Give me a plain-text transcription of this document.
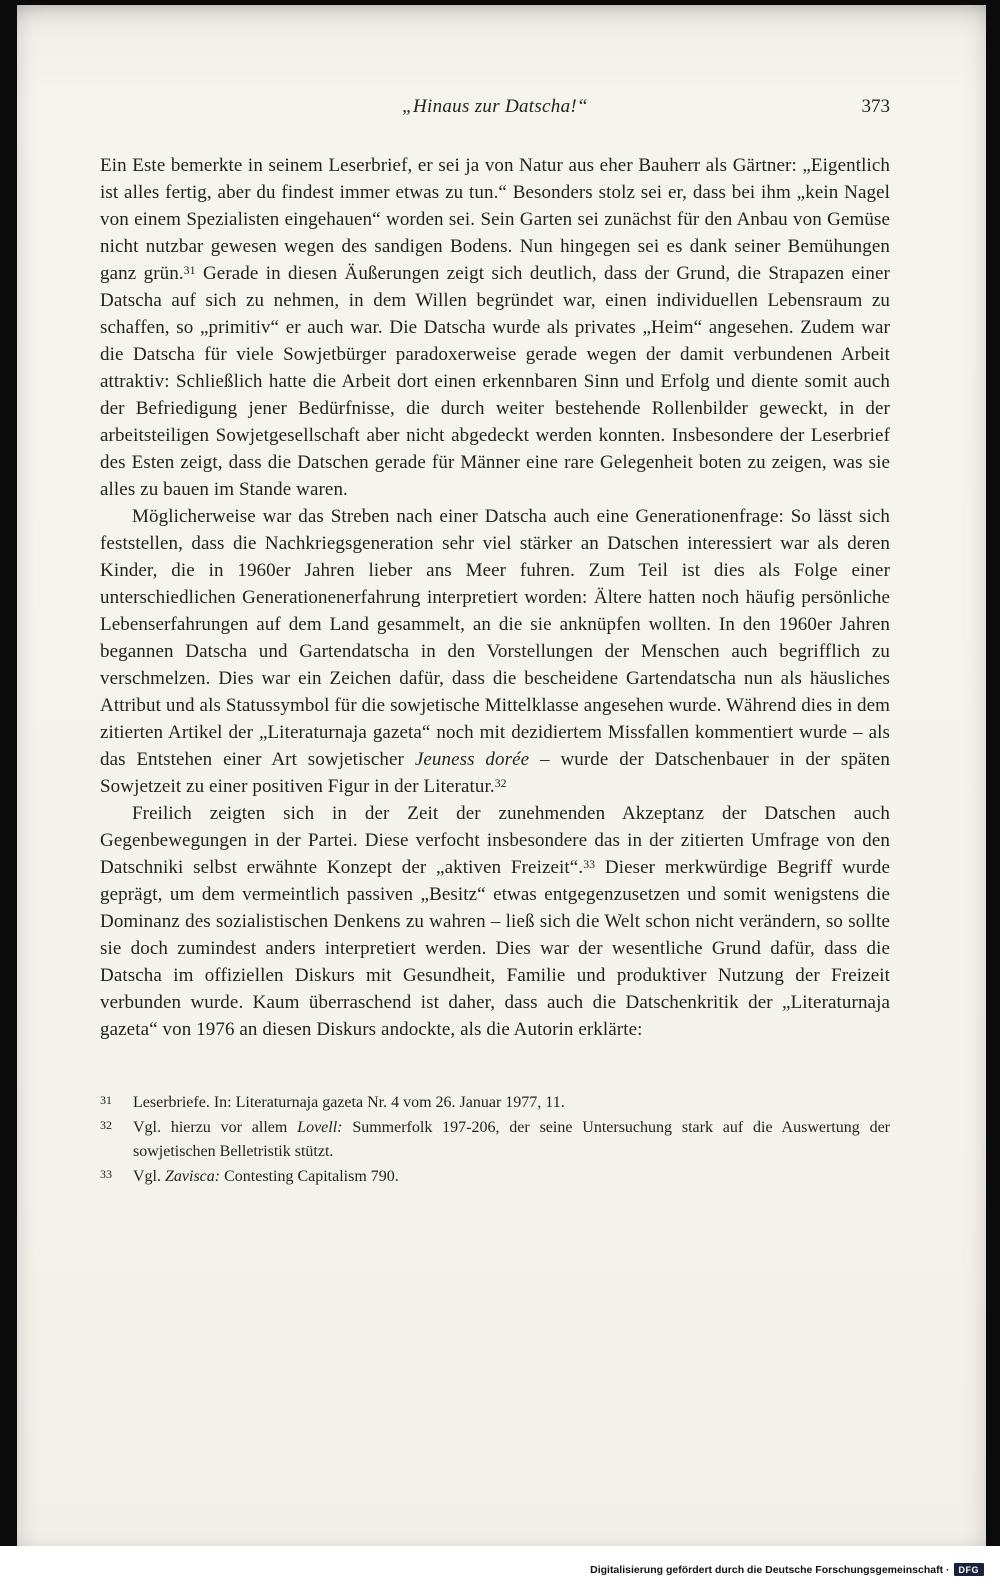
„Hinaus zur Datscha!“	373

Ein Este bemerkte in seinem Leserbrief, er sei ja von Natur aus eher Bauherr als Gärtner: „Eigentlich ist alles fertig, aber du findest immer etwas zu tun.“ Besonders stolz sei er, dass bei ihm „kein Nagel von einem Spezialisten eingehauen“ worden sei. Sein Garten sei zunächst für den Anbau von Gemüse nicht nutzbar gewesen wegen des sandigen Bodens. Nun hingegen sei es dank seiner Bemühungen ganz grün.$^{31}$ Gerade in diesen Äußerungen zeigt sich deutlich, dass der Grund, die Strapazen einer Datscha auf sich zu nehmen, in dem Willen begründet war, einen individuellen Lebensraum zu schaffen, so „primitiv“ er auch war. Die Datscha wurde als privates „Heim“ angesehen. Zudem war die Datscha für viele Sowjetbürger paradoxerweise gerade wegen der damit verbundenen Arbeit attraktiv: Schließlich hatte die Arbeit dort einen erkennbaren Sinn und Erfolg und diente somit auch der Befriedigung jener Bedürfnisse, die durch weiter bestehende Rollenbilder geweckt, in der arbeitsteiligen Sowjetgesellschaft aber nicht abgedeckt werden konnten. Insbesondere der Leserbrief des Esten zeigt, dass die Datschen gerade für Männer eine rare Gelegenheit boten zu zeigen, was sie alles zu bauen im Stande waren.

Möglicherweise war das Streben nach einer Datscha auch eine Generationenfrage: So lässt sich feststellen, dass die Nachkriegsgeneration sehr viel stärker an Datschen interessiert war als deren Kinder, die in 1960er Jahren lieber ans Meer fuhren. Zum Teil ist dies als Folge einer unterschiedlichen Generationenerfahrung interpretiert worden: Ältere hatten noch häufig persönliche Lebenserfahrungen auf dem Land gesammelt, an die sie anknüpfen wollten. In den 1960er Jahren begannen Datscha und Gartendatscha in den Vorstellungen der Menschen auch begrifflich zu verschmelzen. Dies war ein Zeichen dafür, dass die bescheidene Gartendatscha nun als häusliches Attribut und als Statussymbol für die sowjetische Mittelklasse angesehen wurde. Während dies in dem zitierten Artikel der „Literaturnaja gazeta“ noch mit dezidiertem Missfallen kommentiert wurde – als das Entstehen einer Art sowjetischer Jeuness dorée – wurde der Datschenbauer in der späten Sowjetzeit zu einer positiven Figur in der Literatur.$^{32}$

Freilich zeigten sich in der Zeit der zunehmenden Akzeptanz der Datschen auch Gegenbewegungen in der Partei. Diese verfocht insbesondere das in der zitierten Umfrage von den Datschniki selbst erwähnte Konzept der „aktiven Freizeit“.$^{33}$ Dieser merkwürdige Begriff wurde geprägt, um dem vermeintlich passiven „Besitz“ etwas entgegenzusetzen und somit wenigstens die Dominanz des sozialistischen Denkens zu wahren – ließ sich die Welt schon nicht verändern, so sollte sie doch zumindest anders interpretiert werden. Dies war der wesentliche Grund dafür, dass die Datscha im offiziellen Diskurs mit Gesundheit, Familie und produktiver Nutzung der Freizeit verbunden wurde. Kaum überraschend ist daher, dass auch die Datschenkritik der „Literaturnaja gazeta“ von 1976 an diesen Diskurs andockte, als die Autorin erklärte:

31 Leserbriefe. In: Literaturnaja gazeta Nr. 4 vom 26. Januar 1977, 11.
32 Vgl. hierzu vor allem Lovell: Summerfolk 197-206, der seine Untersuchung stark auf die Auswertung der sowjetischen Belletristik stützt.
33 Vgl. Zavisca: Contesting Capitalism 790.
Digitalisierung gefördert durch die Deutsche Forschungsgemeinschaft ·	DFG
